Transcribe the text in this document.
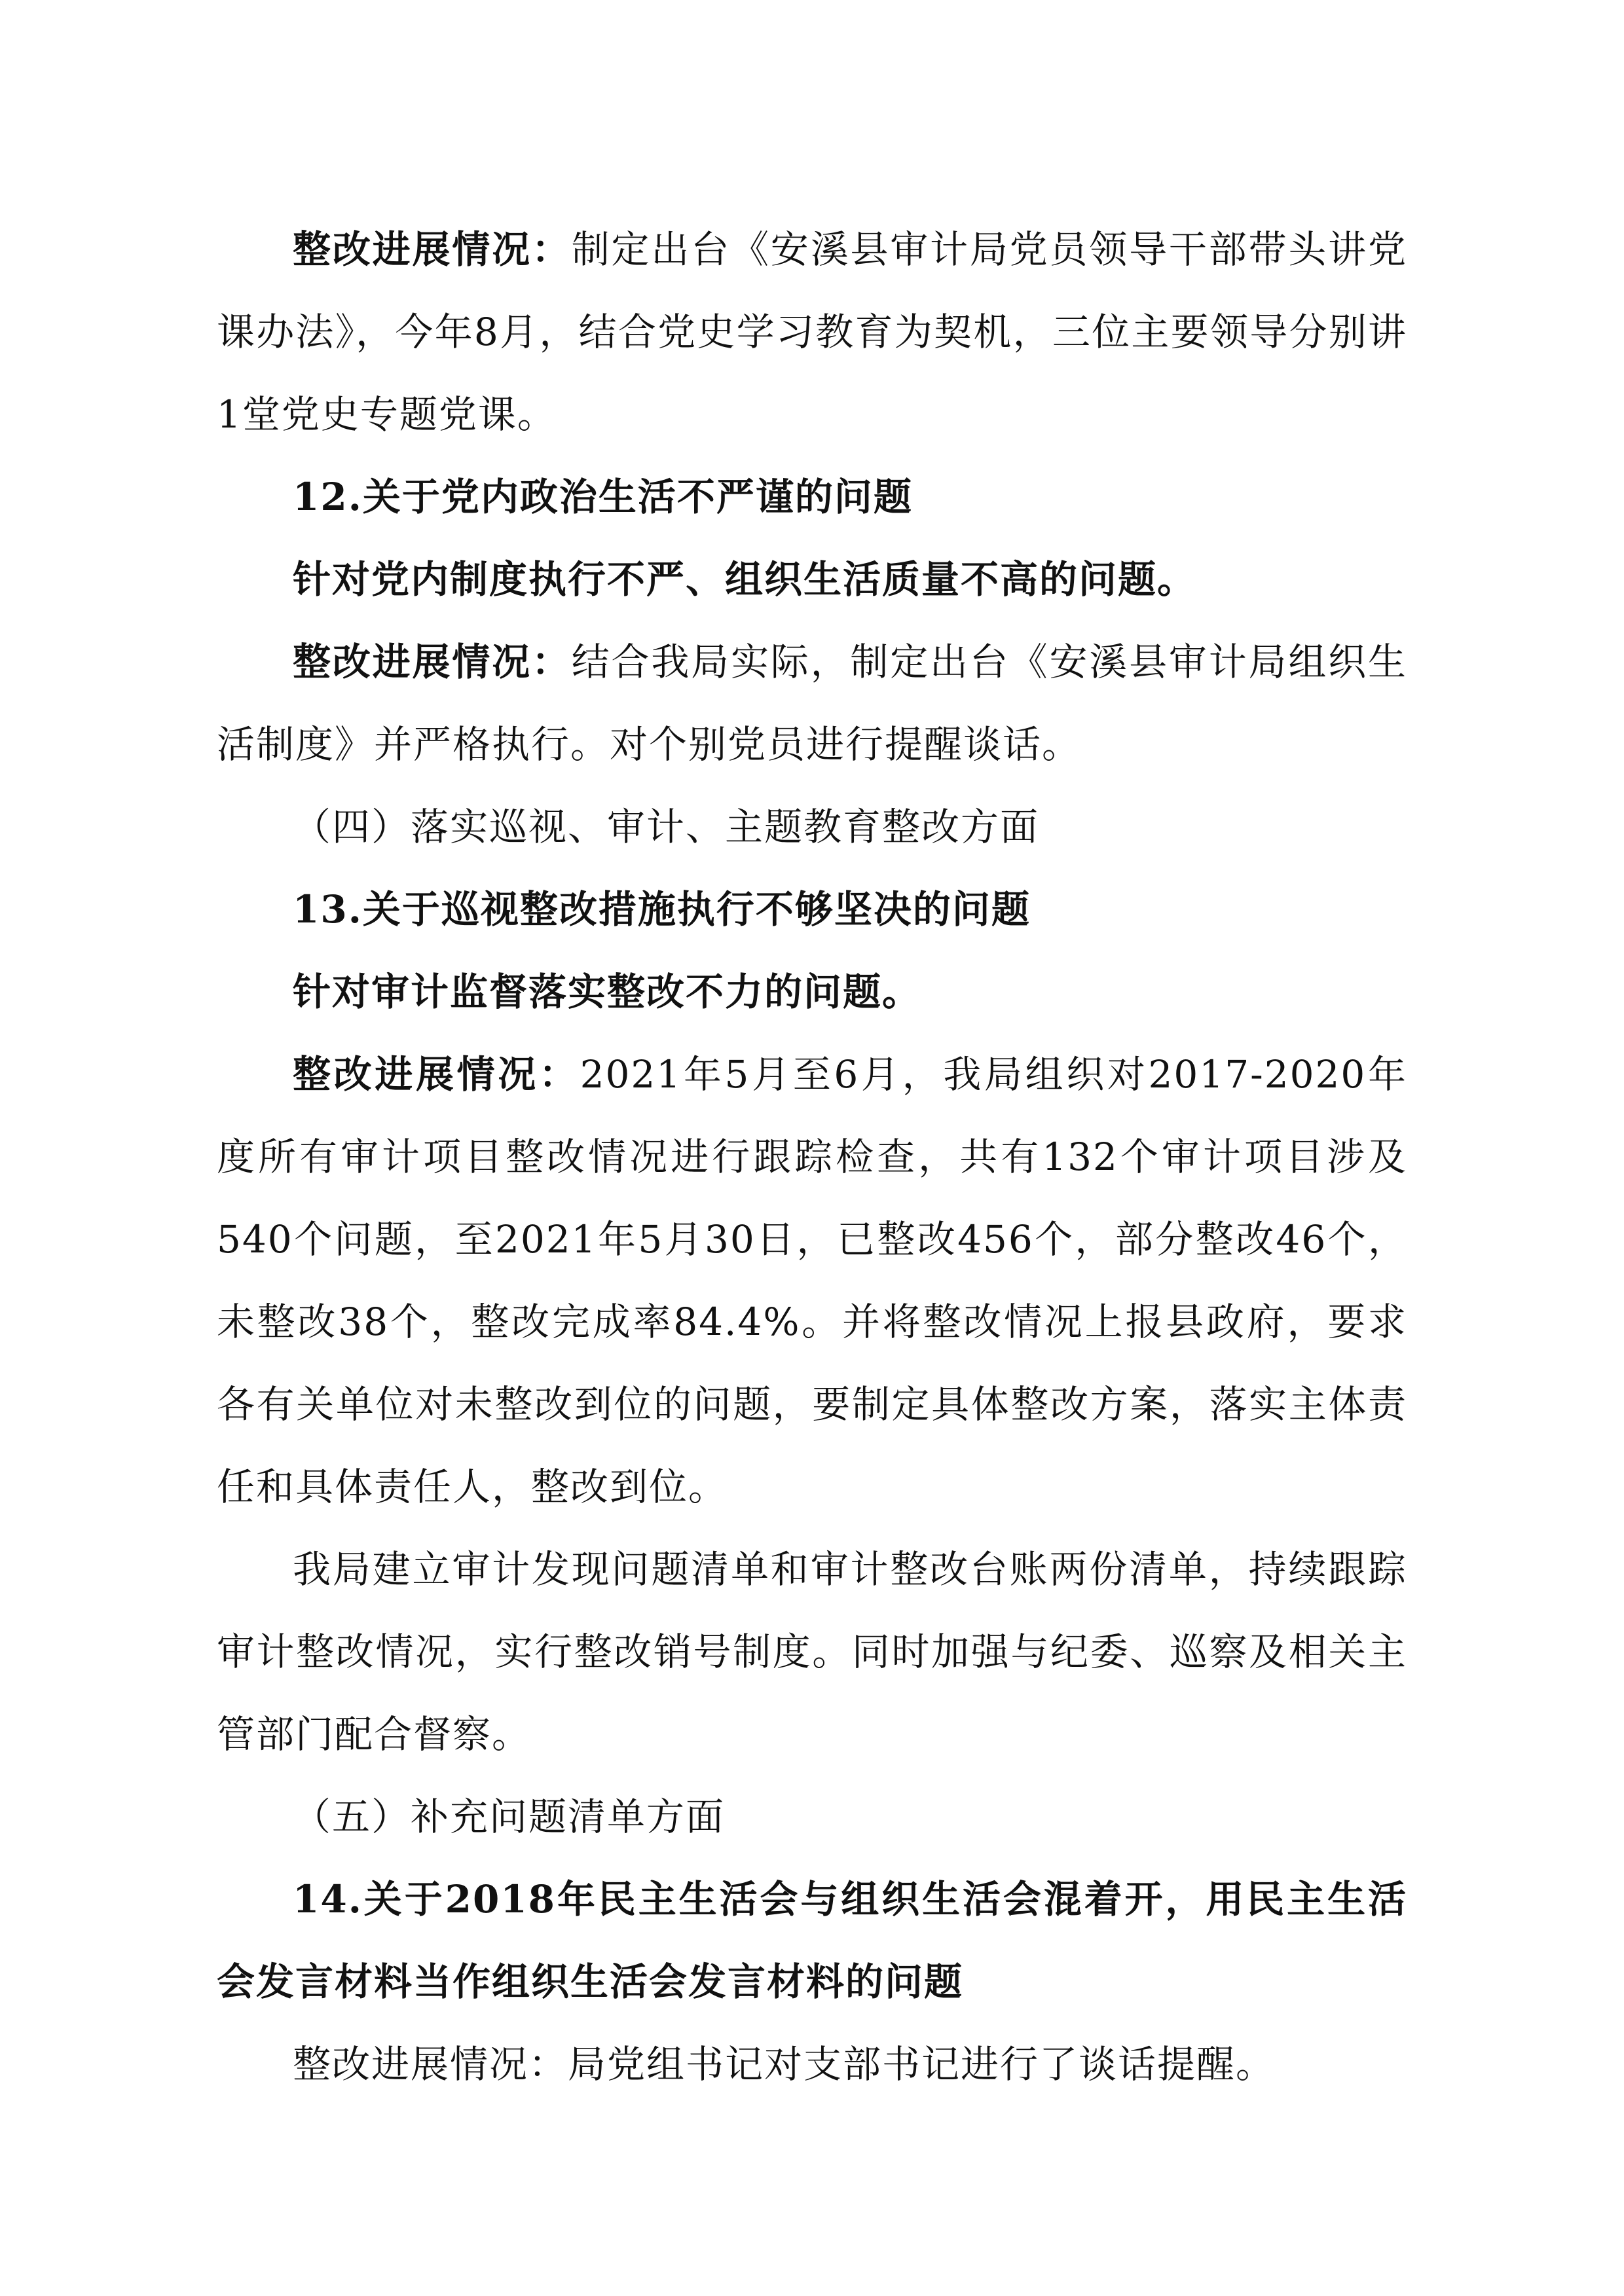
整改进展情况：制定出台《安溪县审计局党员领导干部带头讲党课办法》，今年8月，结合党史学习教育为契机，三位主要领导分别讲1堂党史专题党课。

12.关于党内政治生活不严谨的问题

针对党内制度执行不严、组织生活质量不高的问题。

整改进展情况：结合我局实际，制定出台《安溪县审计局组织生活制度》并严格执行。对个别党员进行提醒谈话。

（四）落实巡视、审计、主题教育整改方面

13.关于巡视整改措施执行不够坚决的问题

针对审计监督落实整改不力的问题。

整改进展情况：2021年5月至6月，我局组织对2017-2020年度所有审计项目整改情况进行跟踪检查，共有132个审计项目涉及540个问题，至2021年5月30日，已整改456个，部分整改46个，未整改38个，整改完成率84.4%。并将整改情况上报县政府，要求各有关单位对未整改到位的问题，要制定具体整改方案，落实主体责任和具体责任人，整改到位。

我局建立审计发现问题清单和审计整改台账两份清单，持续跟踪审计整改情况，实行整改销号制度。同时加强与纪委、巡察及相关主管部门配合督察。

（五）补充问题清单方面

14.关于2018年民主生活会与组织生活会混着开，用民主生活会发言材料当作组织生活会发言材料的问题

整改进展情况：局党组书记对支部书记进行了谈话提醒。
